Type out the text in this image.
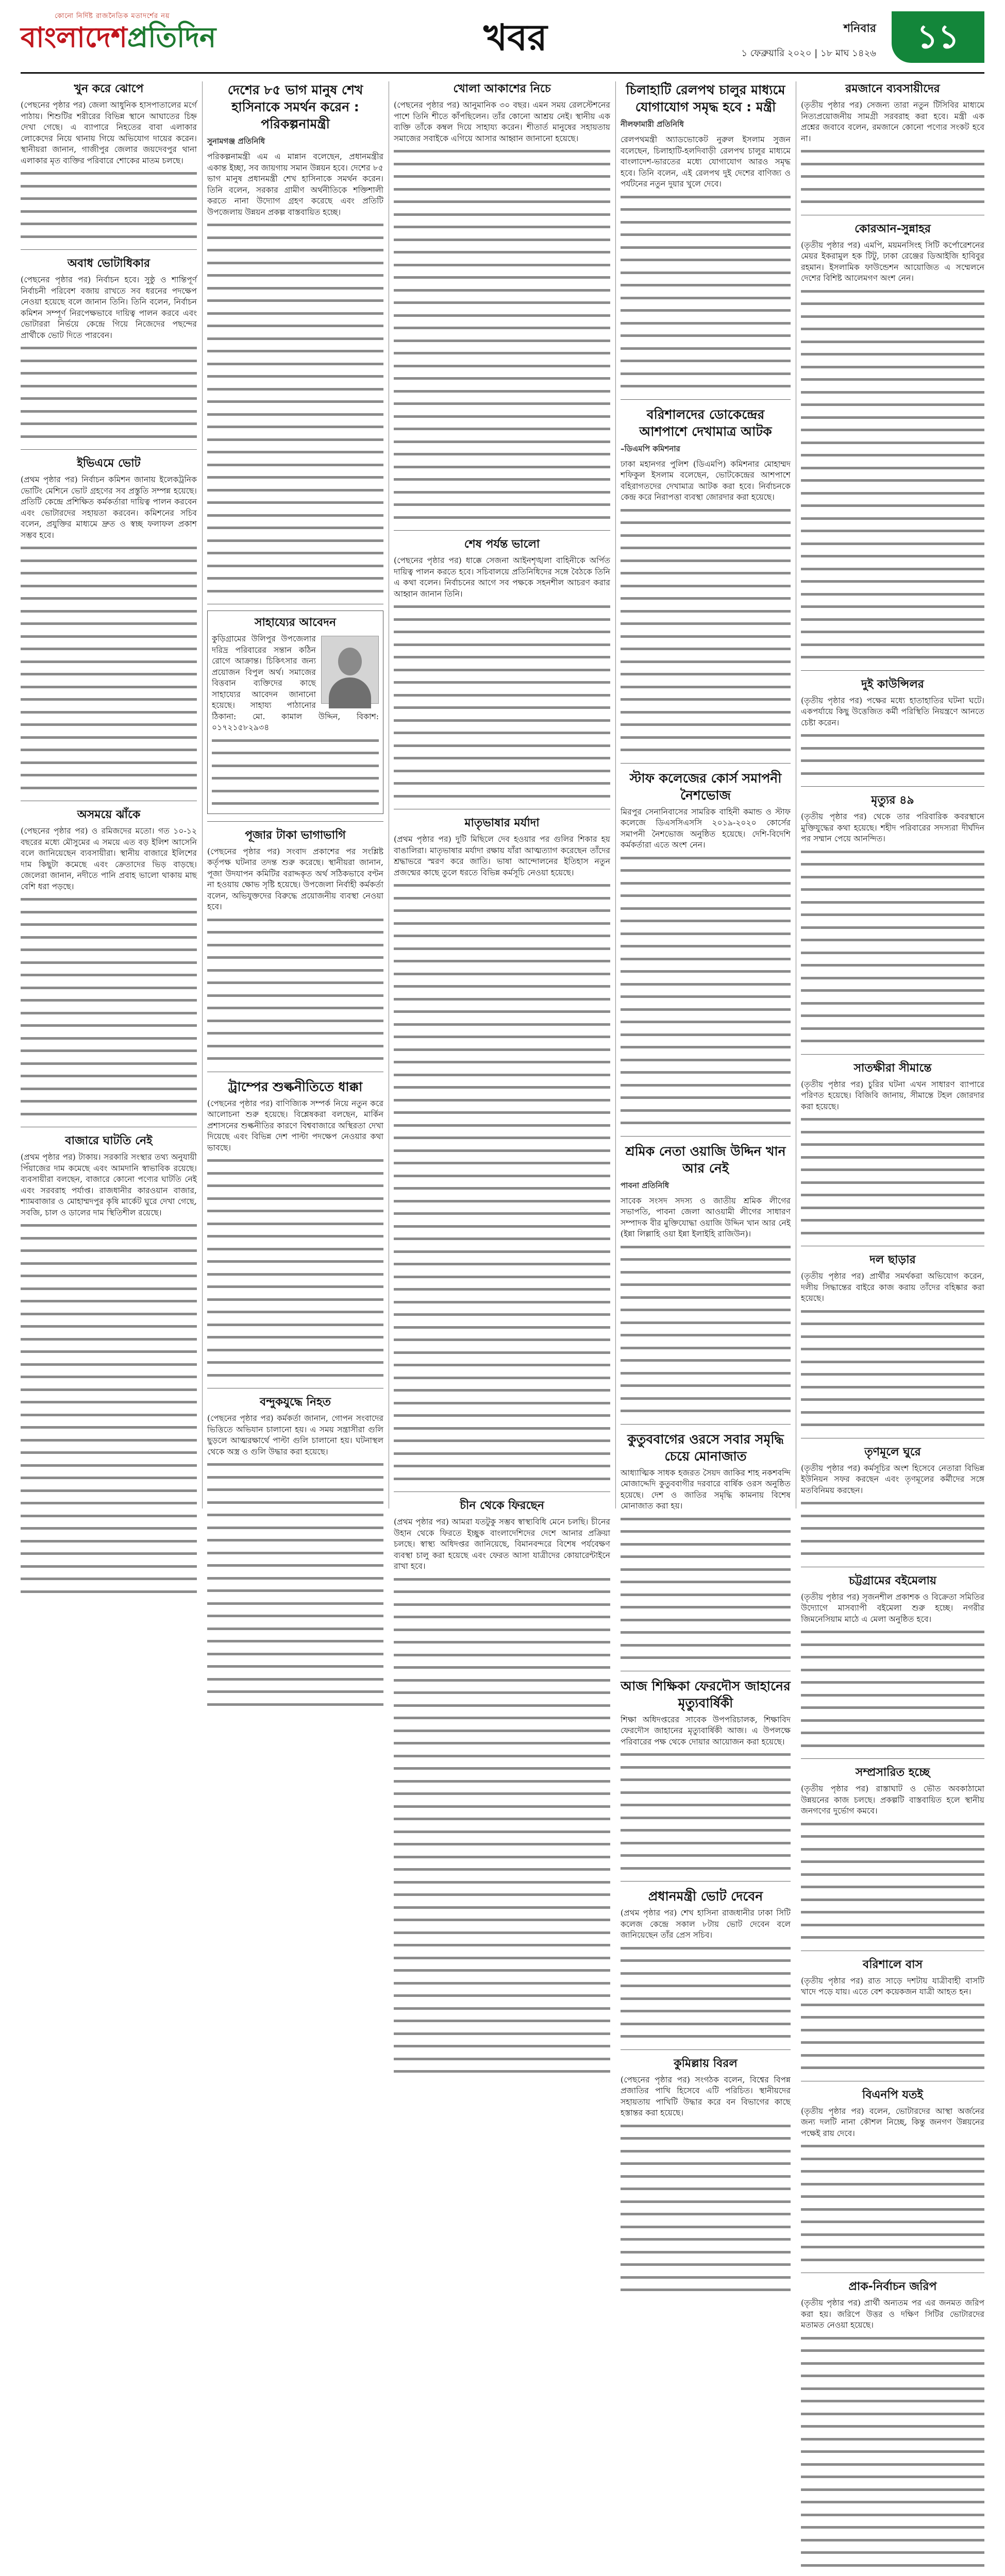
কোনো নির্দিষ্ট রাজনৈতিক মতাদর্শের নয়
বাংলাদেশপ্রতিদিন	খবর	শনিবার
১ ফেব্রুয়ারি ২০২০ | ১৮ মাঘ ১৪২৬	১১
খুন করে ঝোপে

(পেছনের পৃষ্ঠার পর) জেলা আধুনিক হাসপাতালের মর্গে পাঠায়। শিশুটির শরীরের বিভিন্ন স্থানে আঘাতের চিহ্ন দেখা গেছে। এ ব্যাপারে নিহতের বাবা এলাকার লোকেদের নিয়ে থানায় গিয়ে অভিযোগ দায়ের করেন। স্থানীয়রা জানান, গাজীপুর জেলার জয়দেবপুর থানা এলাকার মৃত ব্যক্তির পরিবারে শোকের মাতম চলছে।

অবাধ ভোটাধিকার

(পেছনের পৃষ্ঠার পর) নির্বাচন হবে। সুষ্ঠু ও শান্তিপূর্ণ নির্বাচনী পরিবেশ বজায় রাখতে সব ধরনের পদক্ষেপ নেওয়া হয়েছে বলে জানান তিনি। তিনি বলেন, নির্বাচন কমিশন সম্পূর্ণ নিরপেক্ষভাবে দায়িত্ব পালন করবে এবং ভোটাররা নির্ভয়ে কেন্দ্রে গিয়ে নিজেদের পছন্দের প্রার্থীকে ভোট দিতে পারবেন।

ইভিএমে ভোট

(প্রথম পৃষ্ঠার পর) নির্বাচন কমিশন জানায় ইলেকট্রনিক ভোটিং মেশিনে ভোট গ্রহণের সব প্রস্তুতি সম্পন্ন হয়েছে। প্রতিটি কেন্দ্রে প্রশিক্ষিত কর্মকর্তারা দায়িত্ব পালন করবেন এবং ভোটারদের সহায়তা করবেন। কমিশনের সচিব বলেন, প্রযুক্তির মাধ্যমে দ্রুত ও স্বচ্ছ ফলাফল প্রকাশ সম্ভব হবে।

অসময়ে ঝাঁকে

(পেছনের পৃষ্ঠার পর) ও রমিজদের মতো। গত ১০-১২ বছরের মধ্যে মৌসুমের এ সময়ে এত বড় ইলিশ আসেনি বলে জানিয়েছেন ব্যবসায়ীরা। স্থানীয় বাজারে ইলিশের দাম কিছুটা কমেছে এবং ক্রেতাদের ভিড় বাড়ছে। জেলেরা জানান, নদীতে পানি প্রবাহ ভালো থাকায় মাছ বেশি ধরা পড়ছে।

বাজারে ঘাটতি নেই

(প্রথম পৃষ্ঠার পর) টাকায়। সরকারি সংস্থার তথ্য অনুযায়ী পিঁয়াজের দাম কমেছে এবং আমদানি স্বাভাবিক রয়েছে। ব্যবসায়ীরা বলছেন, বাজারে কোনো পণ্যের ঘাটতি নেই এবং সরবরাহ পর্যাপ্ত। রাজধানীর কারওয়ান বাজার, শ্যামবাজার ও মোহাম্মদপুর কৃষি মার্কেট ঘুরে দেখা গেছে, সবজি, চাল ও ডালের দাম স্থিতিশীল রয়েছে।

দেশের ৮৫ ভাগ মানুষ শেখ হাসিনাকে সমর্থন করেন : পরিকল্পনামন্ত্রী
সুনামগঞ্জ প্রতিনিধি

পরিকল্পনামন্ত্রী এম এ মান্নান বলেছেন, প্রধানমন্ত্রীর একান্ত ইচ্ছা, সব জায়গায় সমান উন্নয়ন হবে। দেশের ৮৫ ভাগ মানুষ প্রধানমন্ত্রী শেখ হাসিনাকে সমর্থন করেন। তিনি বলেন, সরকার গ্রামীণ অর্থনীতিকে শক্তিশালী করতে নানা উদ্যোগ গ্রহণ করেছে এবং প্রতিটি উপজেলায় উন্নয়ন প্রকল্প বাস্তবায়িত হচ্ছে।

সাহায্যের আবেদন

কুড়িগ্রামের উলিপুর উপজেলার দরিদ্র পরিবারের সন্তান কঠিন রোগে আক্রান্ত। চিকিৎসার জন্য প্রয়োজন বিপুল অর্থ। সমাজের বিত্তবান ব্যক্তিদের কাছে সাহায্যের আবেদন জানানো হয়েছে। সাহায্য পাঠানোর ঠিকানা: মো. কামাল উদ্দিন, বিকাশ: ০১৭২১৫৮২৯৩৪

পূজার টাকা ভাগাভাগি

(পেছনের পৃষ্ঠার পর) সংবাদ প্রকাশের পর সংশ্লিষ্ট কর্তৃপক্ষ ঘটনার তদন্ত শুরু করেছে। স্থানীয়রা জানান, পূজা উদযাপন কমিটির বরাদ্দকৃত অর্থ সঠিকভাবে বণ্টন না হওয়ায় ক্ষোভ সৃষ্টি হয়েছে। উপজেলা নির্বাহী কর্মকর্তা বলেন, অভিযুক্তদের বিরুদ্ধে প্রয়োজনীয় ব্যবস্থা নেওয়া হবে।

ট্রাম্পের শুল্কনীতিতে ধাক্কা

(পেছনের পৃষ্ঠার পর) বাণিজ্যিক সম্পর্ক নিয়ে নতুন করে আলোচনা শুরু হয়েছে। বিশ্লেষকরা বলছেন, মার্কিন প্রশাসনের শুল্কনীতির কারণে বিশ্ববাজারে অস্থিরতা দেখা দিয়েছে এবং বিভিন্ন দেশ পাল্টা পদক্ষেপ নেওয়ার কথা ভাবছে।

বন্দুকযুদ্ধে নিহত

(পেছনের পৃষ্ঠার পর) কর্মকর্তা জানান, গোপন সংবাদের ভিত্তিতে অভিযান চালানো হয়। এ সময় সন্ত্রাসীরা গুলি ছুড়লে আত্মরক্ষার্থে পাল্টা গুলি চালানো হয়। ঘটনাস্থল থেকে অস্ত্র ও গুলি উদ্ধার করা হয়েছে।

খোলা আকাশের নিচে

(পেছনের পৃষ্ঠার পর) আনুমানিক ৩০ বছর। এমন সময় রেলস্টেশনের পাশে তিনি শীতে কাঁপছিলেন। তাঁর কোনো আশ্রয় নেই। স্থানীয় এক ব্যক্তি তাঁকে কম্বল দিয়ে সাহায্য করেন। শীতার্ত মানুষের সহায়তায় সমাজের সবাইকে এগিয়ে আসার আহ্বান জানানো হয়েছে।

শেষ পর্যন্ত ভালো

(পেছনের পৃষ্ঠার পর) ধাক্কে সেজনা আইনশৃঙ্খলা বাহিনীকে অর্পিত দায়িত্ব পালন করতে হবে। সচিবালয়ে প্রতিনিধিদের সঙ্গে বৈঠকে তিনি এ কথা বলেন। নির্বাচনের আগে সব পক্ষকে সহনশীল আচরণ করার আহ্বান জানান তিনি।

মাতৃভাষার মর্যাদা

(প্রথম পৃষ্ঠার পর) দুটি মিছিলে দেব হওয়ার পর গুলির শিকার হয় বাঙালিরা। মাতৃভাষার মর্যাদা রক্ষায় যাঁরা আত্মত্যাগ করেছেন তাঁদের শ্রদ্ধাভরে স্মরণ করে জাতি। ভাষা আন্দোলনের ইতিহাস নতুন প্রজন্মের কাছে তুলে ধরতে বিভিন্ন কর্মসূচি নেওয়া হয়েছে।

চীন থেকে ফিরছেন

(প্রথম পৃষ্ঠার পর) আমরা যতটুকু সম্ভব স্বাস্থ্যবিধি মেনে চলছি। চীনের উহান থেকে ফিরতে ইচ্ছুক বাংলাদেশিদের দেশে আনার প্রক্রিয়া চলছে। স্বাস্থ্য অধিদপ্তর জানিয়েছে, বিমানবন্দরে বিশেষ পর্যবেক্ষণ ব্যবস্থা চালু করা হয়েছে এবং ফেরত আসা যাত্রীদের কোয়ারেন্টাইনে রাখা হবে।

চিলাহাটি রেলপথ চালুর মাধ্যমে যোগাযোগ সমৃদ্ধ হবে : মন্ত্রী
নীলফামারী প্রতিনিধি

রেলপথমন্ত্রী অ্যাডভোকেট নুরুল ইসলাম সুজন বলেছেন, চিলাহাটি-হলদিবাড়ী রেলপথ চালুর মাধ্যমে বাংলাদেশ-ভারতের মধ্যে যোগাযোগ আরও সমৃদ্ধ হবে। তিনি বলেন, এই রেলপথ দুই দেশের বাণিজ্য ও পর্যটনের নতুন দুয়ার খুলে দেবে।

বরিশালদের ডোকেন্দ্রের আশপাশে দেখামাত্র আটক
–ডিএমপি কমিশনার

ঢাকা মহানগর পুলিশ (ডিএমপি) কমিশনার মোহাম্মদ শফিকুল ইসলাম বলেছেন, ভোটকেন্দ্রের আশপাশে বহিরাগতদের দেখামাত্র আটক করা হবে। নির্বাচনকে কেন্দ্র করে নিরাপত্তা ব্যবস্থা জোরদার করা হয়েছে।

স্টাফ কলেজের কোর্স সমাপনী নৈশভোজ

মিরপুর সেনানিবাসের সামরিক বাহিনী কমান্ড ও স্টাফ কলেজে ডিএসসিএসসি ২০১৯-২০২০ কোর্সের সমাপনী নৈশভোজ অনুষ্ঠিত হয়েছে। দেশি-বিদেশি কর্মকর্তারা এতে অংশ নেন।

শ্রমিক নেতা ওয়াজি উদ্দিন খান আর নেই
পাবনা প্রতিনিধি

সাবেক সংসদ সদস্য ও জাতীয় শ্রমিক লীগের সভাপতি, পাবনা জেলা আওয়ামী লীগের সাধারণ সম্পাদক বীর মুক্তিযোদ্ধা ওয়াজি উদ্দিন খান আর নেই (ইন্না লিল্লাহি ওয়া ইন্না ইলাইহি রাজিউন)।

কুতুববাগের ওরসে সবার সমৃদ্ধি চেয়ে মোনাজাত

আধ্যাত্মিক সাধক হজরত সৈয়দ জাকির শাহ নকশবন্দি মোজাদ্দেদি কুতুববাগীর দরবারে বার্ষিক ওরস অনুষ্ঠিত হয়েছে। দেশ ও জাতির সমৃদ্ধি কামনায় বিশেষ মোনাজাত করা হয়।

আজ শিক্ষিকা ফেরদৌস জাহানের মৃত্যুবার্ষিকী

শিক্ষা অধিদপ্তরের সাবেক উপপরিচালক, শিক্ষাবিদ ফেরদৌস জাহানের মৃত্যুবার্ষিকী আজ। এ উপলক্ষে পরিবারের পক্ষ থেকে দোয়ার আয়োজন করা হয়েছে।

প্রধানমন্ত্রী ভোট দেবেন

(প্রথম পৃষ্ঠার পর) শেখ হাসিনা রাজধানীর ঢাকা সিটি কলেজ কেন্দ্রে সকাল ৮টায় ভোট দেবেন বলে জানিয়েছেন তাঁর প্রেস সচিব।

কুমিল্লায় বিরল

(পেছনের পৃষ্ঠার পর) সংগঠক বলেন, বিশ্বের বিপন্ন প্রজাতির পাখি হিসেবে এটি পরিচিত। স্থানীয়দের সহায়তায় পাখিটি উদ্ধার করে বন বিভাগের কাছে হস্তান্তর করা হয়েছে।

রমজানে ব্যবসায়ীদের

(তৃতীয় পৃষ্ঠার পর) সেজন্য তারা নতুন টিসিবির মাধ্যমে নিত্যপ্রয়োজনীয় সামগ্রী সরবরাহ করা হবে। মন্ত্রী এক প্রশ্নের জবাবে বলেন, রমজানে কোনো পণ্যের সংকট হবে না।

কোরআন-সুন্নাহর

(তৃতীয় পৃষ্ঠার পর) এমপি, ময়মনসিংহ সিটি কর্পোরেশনের মেয়র ইকরামুল হক টিটু, ঢাকা রেঞ্জের ডিআইজি হাবিবুর রহমান। ইসলামিক ফাউন্ডেশন আয়োজিত এ সম্মেলনে দেশের বিশিষ্ট আলেমগণ অংশ নেন।

দুই কাউন্সিলর

(তৃতীয় পৃষ্ঠার পর) পক্ষের মধ্যে হাতাহাতির ঘটনা ঘটে। একপর্যায়ে কিছু উত্তেজিত কর্মী পরিস্থিতি নিয়ন্ত্রণে আনতে চেষ্টা করেন।

মৃত্যুর ৪৯

(তৃতীয় পৃষ্ঠার পর) থেকে তার পরিবারিক কবরস্থানে মুক্তিযুদ্ধের কথা হয়েছে। শহীদ পরিবারের সদস্যরা দীর্ঘদিন পর সম্মান পেয়ে আনন্দিত।

সাতক্ষীরা সীমান্তে

(তৃতীয় পৃষ্ঠার পর) চুরির ঘটনা এখন সাধারণ ব্যাপারে পরিণত হয়েছে। বিজিবি জানায়, সীমান্তে টহল জোরদার করা হয়েছে।

দল ছাড়ার

(তৃতীয় পৃষ্ঠার পর) প্রার্থীর সমর্থকরা অভিযোগ করেন, দলীয় সিদ্ধান্তের বাইরে কাজ করায় তাঁদের বহিষ্কার করা হয়েছে।

তৃণমূলে ঘুরে

(তৃতীয় পৃষ্ঠার পর) কর্মসূচির অংশ হিসেবে নেতারা বিভিন্ন ইউনিয়ন সফর করছেন এবং তৃণমূলের কর্মীদের সঙ্গে মতবিনিময় করছেন।

চট্টগ্রামের বইমেলায়

(তৃতীয় পৃষ্ঠার পর) সৃজনশীল প্রকাশক ও বিক্রেতা সমিতির উদ্যোগে মাসব্যাপী বইমেলা শুরু হচ্ছে। নগরীর জিমনেসিয়াম মাঠে এ মেলা অনুষ্ঠিত হবে।

সম্প্রসারিত হচ্ছে

(তৃতীয় পৃষ্ঠার পর) রাস্তাঘাট ও ভৌত অবকাঠামো উন্নয়নের কাজ চলছে। প্রকল্পটি বাস্তবায়িত হলে স্থানীয় জনগণের দুর্ভোগ কমবে।

বরিশালে বাস

(তৃতীয় পৃষ্ঠার পর) রাত সাড়ে দশটায় যাত্রীবাহী বাসটি খাদে পড়ে যায়। এতে বেশ কয়েকজন যাত্রী আহত হন।

বিএনপি যতই

(তৃতীয় পৃষ্ঠার পর) বলেন, ভোটারদের আস্থা অর্জনের জন্য দলটি নানা কৌশল নিচ্ছে, কিন্তু জনগণ উন্নয়নের পক্ষেই রায় দেবে।

প্রাক-নির্বাচন জরিপ

(তৃতীয় পৃষ্ঠার পর) প্রার্থী অন্যতম পর এর জনমত জরিপ করা হয়। জরিপে উত্তর ও দক্ষিণ সিটির ভোটারদের মতামত নেওয়া হয়েছে।
